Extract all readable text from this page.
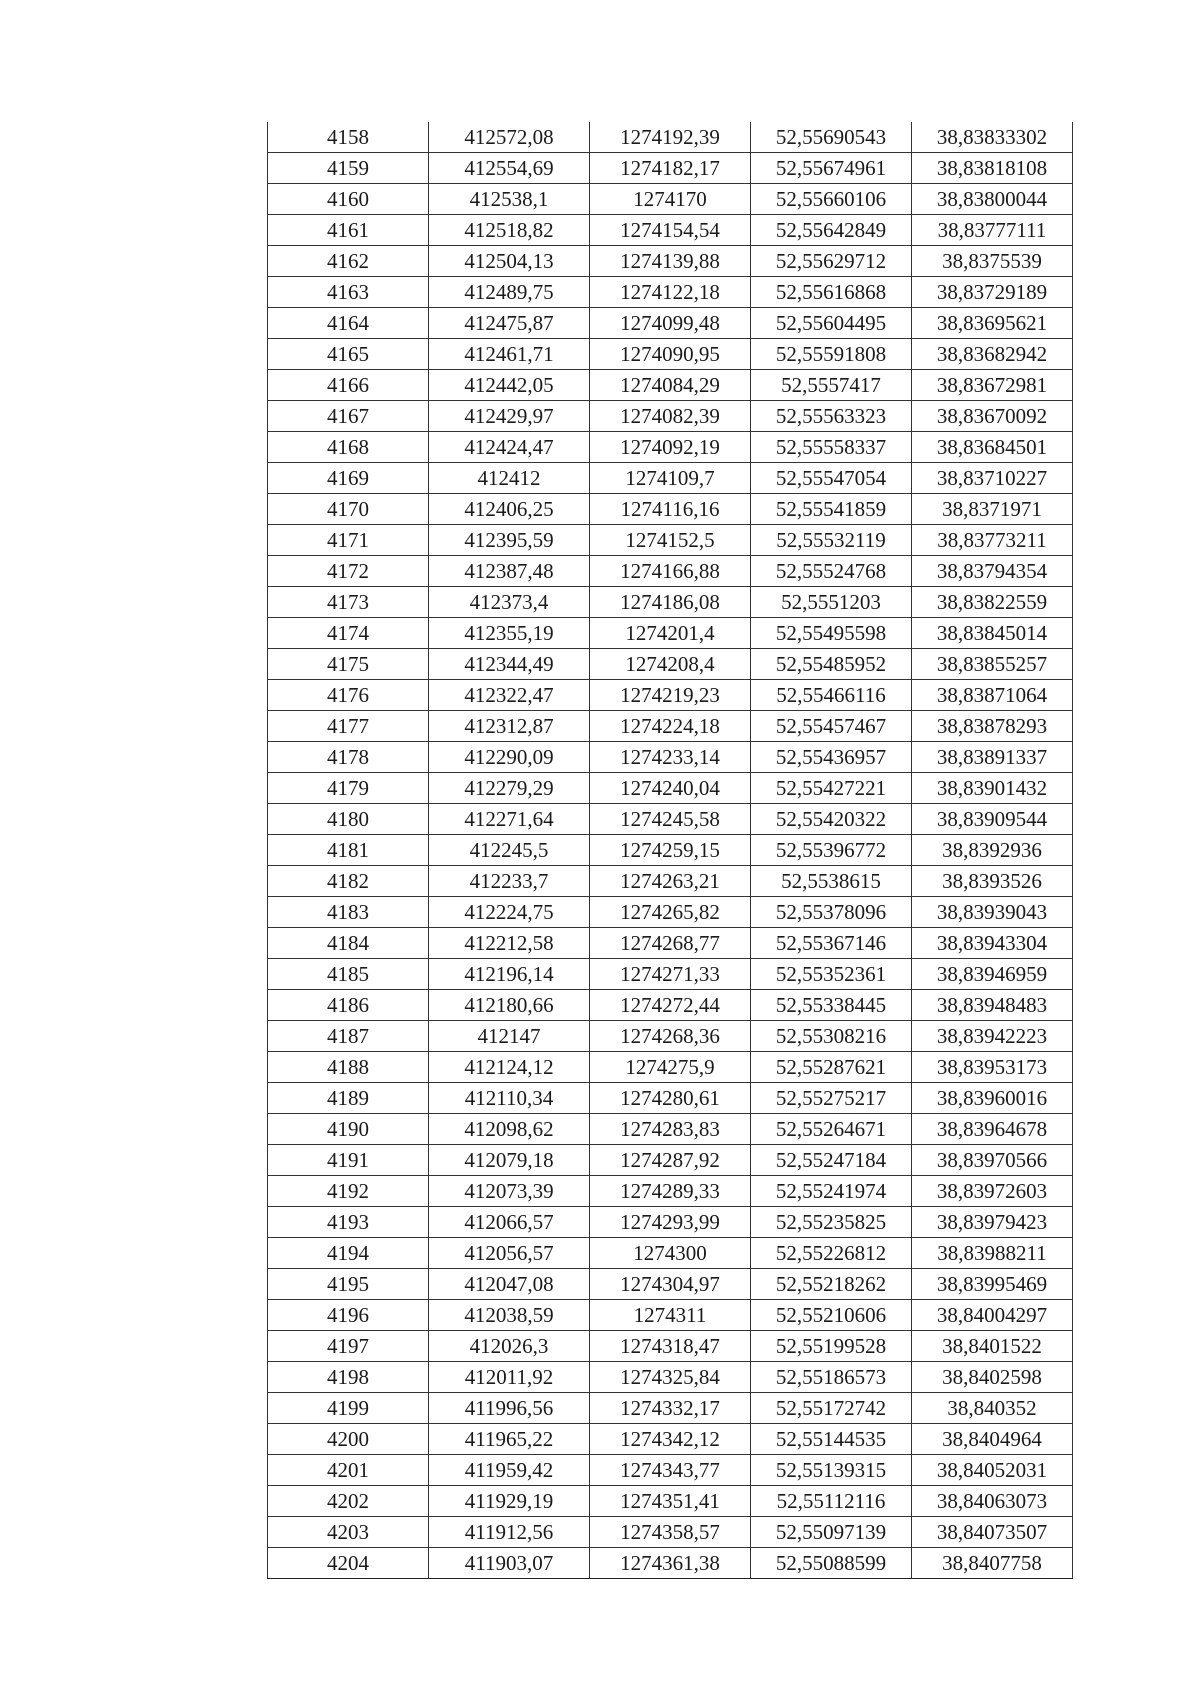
4158	412572,08	1274192,39	52,55690543	38,83833302
4159	412554,69	1274182,17	52,55674961	38,83818108
4160	412538,1	1274170	52,55660106	38,83800044
4161	412518,82	1274154,54	52,55642849	38,83777111
4162	412504,13	1274139,88	52,55629712	38,8375539
4163	412489,75	1274122,18	52,55616868	38,83729189
4164	412475,87	1274099,48	52,55604495	38,83695621
4165	412461,71	1274090,95	52,55591808	38,83682942
4166	412442,05	1274084,29	52,5557417	38,83672981
4167	412429,97	1274082,39	52,55563323	38,83670092
4168	412424,47	1274092,19	52,55558337	38,83684501
4169	412412	1274109,7	52,55547054	38,83710227
4170	412406,25	1274116,16	52,55541859	38,8371971
4171	412395,59	1274152,5	52,55532119	38,83773211
4172	412387,48	1274166,88	52,55524768	38,83794354
4173	412373,4	1274186,08	52,5551203	38,83822559
4174	412355,19	1274201,4	52,55495598	38,83845014
4175	412344,49	1274208,4	52,55485952	38,83855257
4176	412322,47	1274219,23	52,55466116	38,83871064
4177	412312,87	1274224,18	52,55457467	38,83878293
4178	412290,09	1274233,14	52,55436957	38,83891337
4179	412279,29	1274240,04	52,55427221	38,83901432
4180	412271,64	1274245,58	52,55420322	38,83909544
4181	412245,5	1274259,15	52,55396772	38,8392936
4182	412233,7	1274263,21	52,5538615	38,8393526
4183	412224,75	1274265,82	52,55378096	38,83939043
4184	412212,58	1274268,77	52,55367146	38,83943304
4185	412196,14	1274271,33	52,55352361	38,83946959
4186	412180,66	1274272,44	52,55338445	38,83948483
4187	412147	1274268,36	52,55308216	38,83942223
4188	412124,12	1274275,9	52,55287621	38,83953173
4189	412110,34	1274280,61	52,55275217	38,83960016
4190	412098,62	1274283,83	52,55264671	38,83964678
4191	412079,18	1274287,92	52,55247184	38,83970566
4192	412073,39	1274289,33	52,55241974	38,83972603
4193	412066,57	1274293,99	52,55235825	38,83979423
4194	412056,57	1274300	52,55226812	38,83988211
4195	412047,08	1274304,97	52,55218262	38,83995469
4196	412038,59	1274311	52,55210606	38,84004297
4197	412026,3	1274318,47	52,55199528	38,8401522
4198	412011,92	1274325,84	52,55186573	38,8402598
4199	411996,56	1274332,17	52,55172742	38,840352
4200	411965,22	1274342,12	52,55144535	38,8404964
4201	411959,42	1274343,77	52,55139315	38,84052031
4202	411929,19	1274351,41	52,55112116	38,84063073
4203	411912,56	1274358,57	52,55097139	38,84073507
4204	411903,07	1274361,38	52,55088599	38,8407758
